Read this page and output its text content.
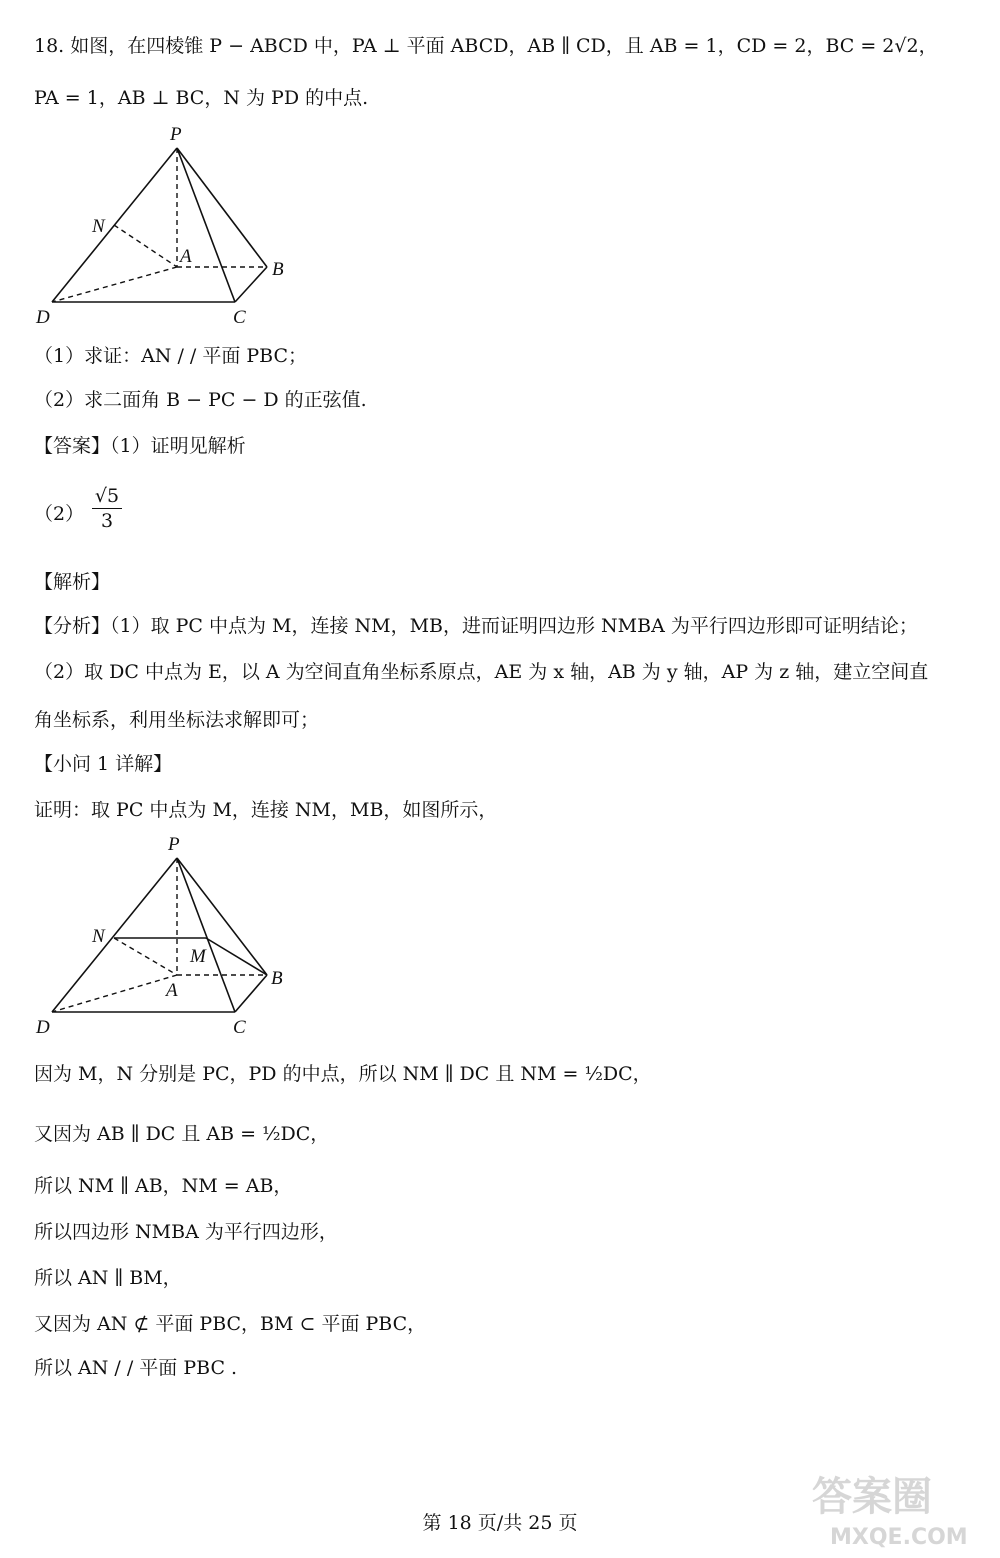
18. 如图，在四棱锥 P − ABCD 中，PA ⊥ 平面 ABCD，AB ∥ CD，且 AB = 1，CD = 2，BC = 2√2，
PA = 1，AB ⊥ BC，N 为 PD 的中点.
P
N
A
B
D	C
（1）求证：AN / / 平面 PBC；
（2）求二面角 B − PC − D 的正弦值.
【答案】（1）证明见解析
$(2) \frac{√5}{3}$
【解析】
【分析】（1）取 PC 中点为 M，连接 NM，MB，进而证明四边形 NMBA 为平行四边形即可证明结论；
（2）取 DC 中点为 E，以 A 为空间直角坐标系原点，AE 为 x 轴，AB 为 y 轴，AP 为 z 轴，建立空间直
角坐标系，利用坐标法求解即可；
【小问 1 详解】
证明：取 PC 中点为 M，连接 NM，MB，如图所示，
P
N
M
A
B
D	C
因为 M，N 分别是 PC，PD 的中点，所以 NM ∥ DC 且 NM = ½DC，
又因为 AB ∥ DC 且 AB = ½DC，
所以 NM ∥ AB，NM = AB，
所以四边形 NMBA 为平行四边形，
所以 AN ∥ BM，
又因为 AN ⊄ 平面 PBC，BM ⊂ 平面 PBC，
所以 AN / / 平面 PBC .
答案圈
MXQE.COM
第 18 页/共 25 页
